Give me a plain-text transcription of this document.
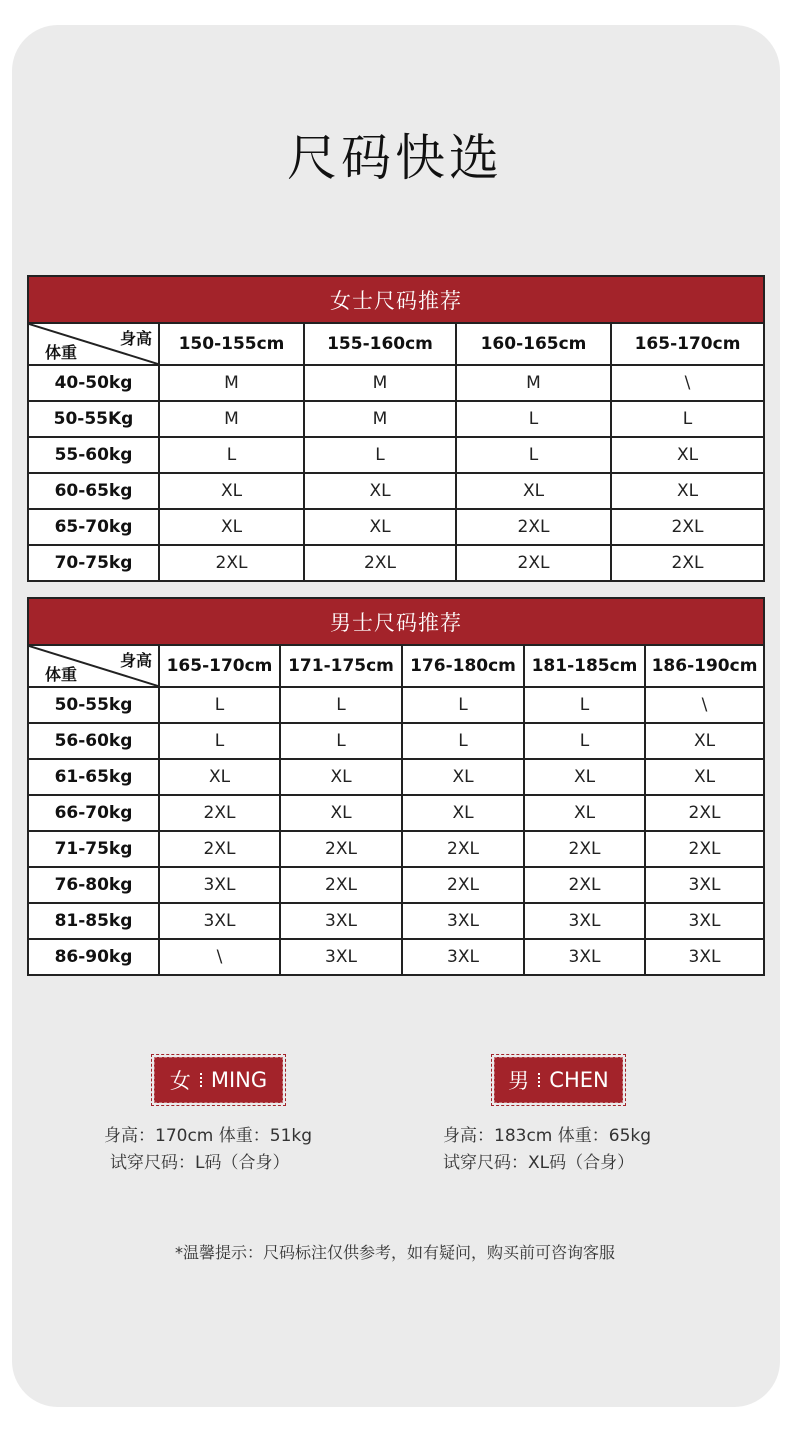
尺码快选
女士尺码推荐				

身高
体重	150-155cm	155-160cm	160-165cm	165-170cm
40-50kg	M	M	M	\
50-55Kg	M	M	L	L
55-60kg	L	L	L	XL
60-65kg	XL	XL	XL	XL
65-70kg	XL	XL	2XL	2XL
70-75kg	2XL	2XL	2XL	2XL
男士尺码推荐					

身高
体重	165-170cm	171-175cm	176-180cm	181-185cm	186-190cm
50-55kg	L	L	L	L	\
56-60kg	L	L	L	L	XL
61-65kg	XL	XL	XL	XL	XL
66-70kg	2XL	XL	XL	XL	2XL
71-75kg	2XL	2XL	2XL	2XL	2XL
76-80kg	3XL	2XL	2XL	2XL	3XL
81-85kg	3XL	3XL	3XL	3XL	3XL
86-90kg	\	3XL	3XL	3XL	3XL
女 MING
身高：170cm 体重：51kg
试穿尺码：L码（合身）
男 CHEN
身高：183cm 体重：65kg
试穿尺码：XL码（合身）
*温馨提示：尺码标注仅供参考，如有疑问，购买前可咨询客服
